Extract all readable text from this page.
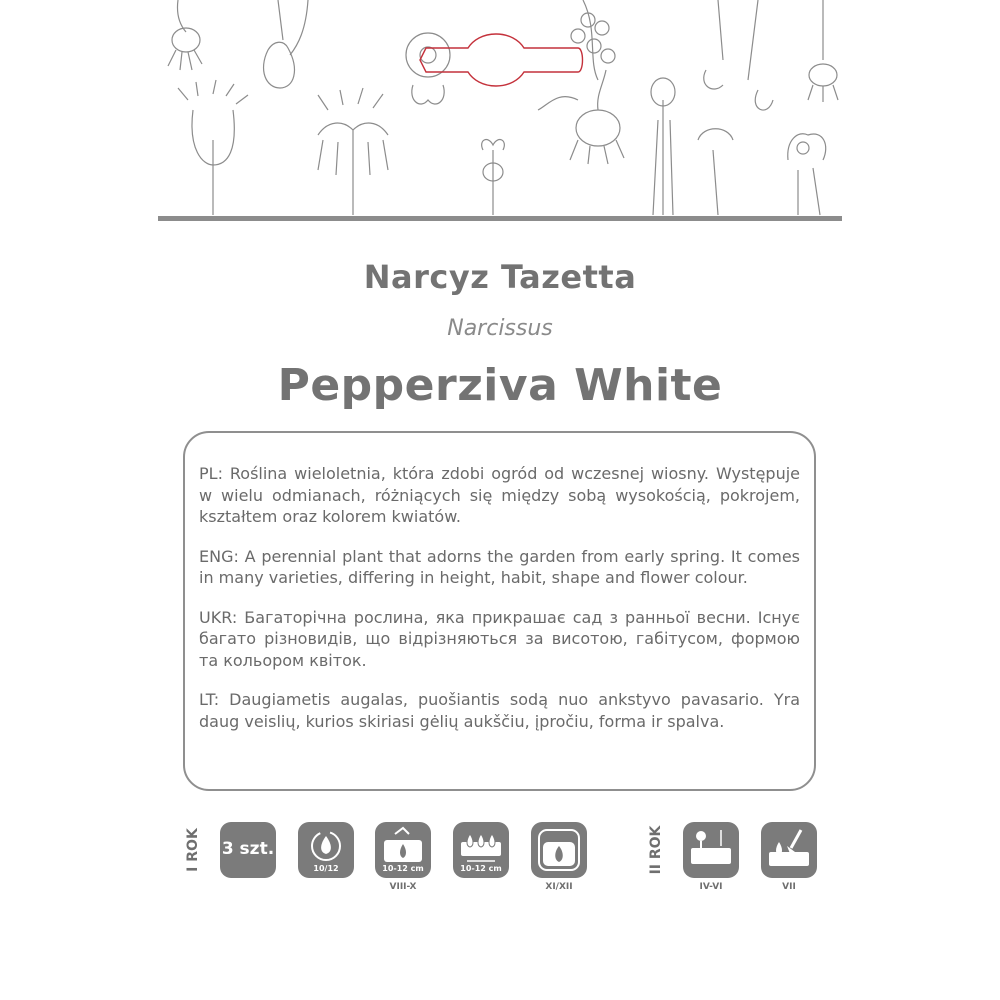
Narcyz Tazetta
Narcissus
Pepperziva White

PL: Roślina wieloletnia, która zdobi ogród od wczesnej wiosny. Występuje w wielu odmianach, różniących się między sobą wysokością, pokrojem, kształtem oraz kolorem kwiatów.

ENG: A perennial plant that adorns the garden from early spring. It comes in many varieties, differing in height, habit, shape and flower colour.

UKR: Багаторічна рослина, яка прикрашає сад з ранньої весни. Існує багато різновидів, що відрізняються за висотою, габітусом, формою та кольором квіток.

LT: Daugiametis augalas, puošiantis sodą nuo ankstyvo pavasario. Yra daug veislių, kurios skiriasi gėlių aukščiu, įpročiu, forma ir spalva.

I ROK 3 szt.
10/12	10-12 cm
VIII-X
10-12 cm
XI/XII
II ROK
IV-VI	VII
